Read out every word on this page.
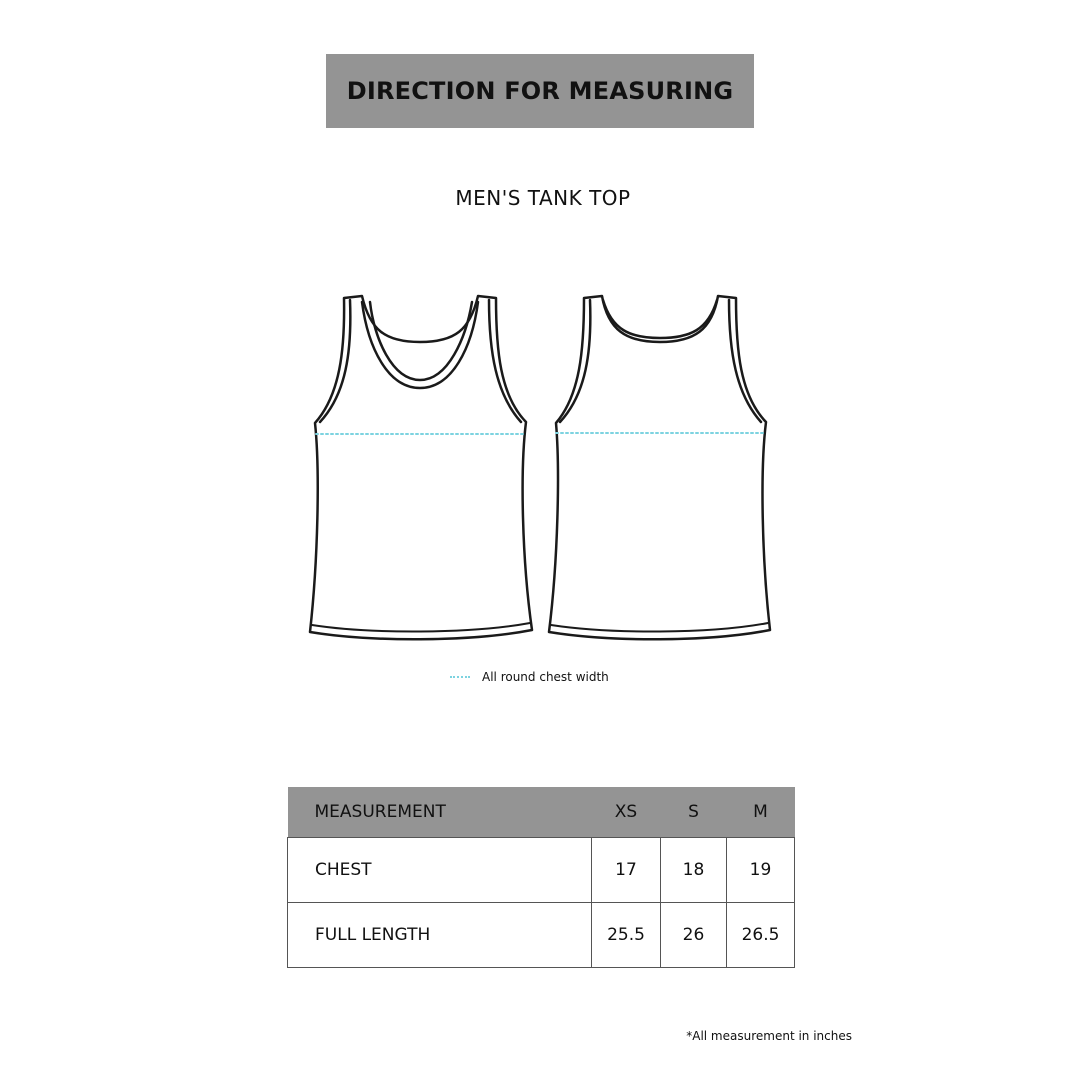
DIRECTION FOR MEASURING
MEN'S TANK TOP
All round chest width
MEASUREMENT	XS	S	M
CHEST	17	18	19
FULL LENGTH	25.5	26	26.5
*All measurement in inches
